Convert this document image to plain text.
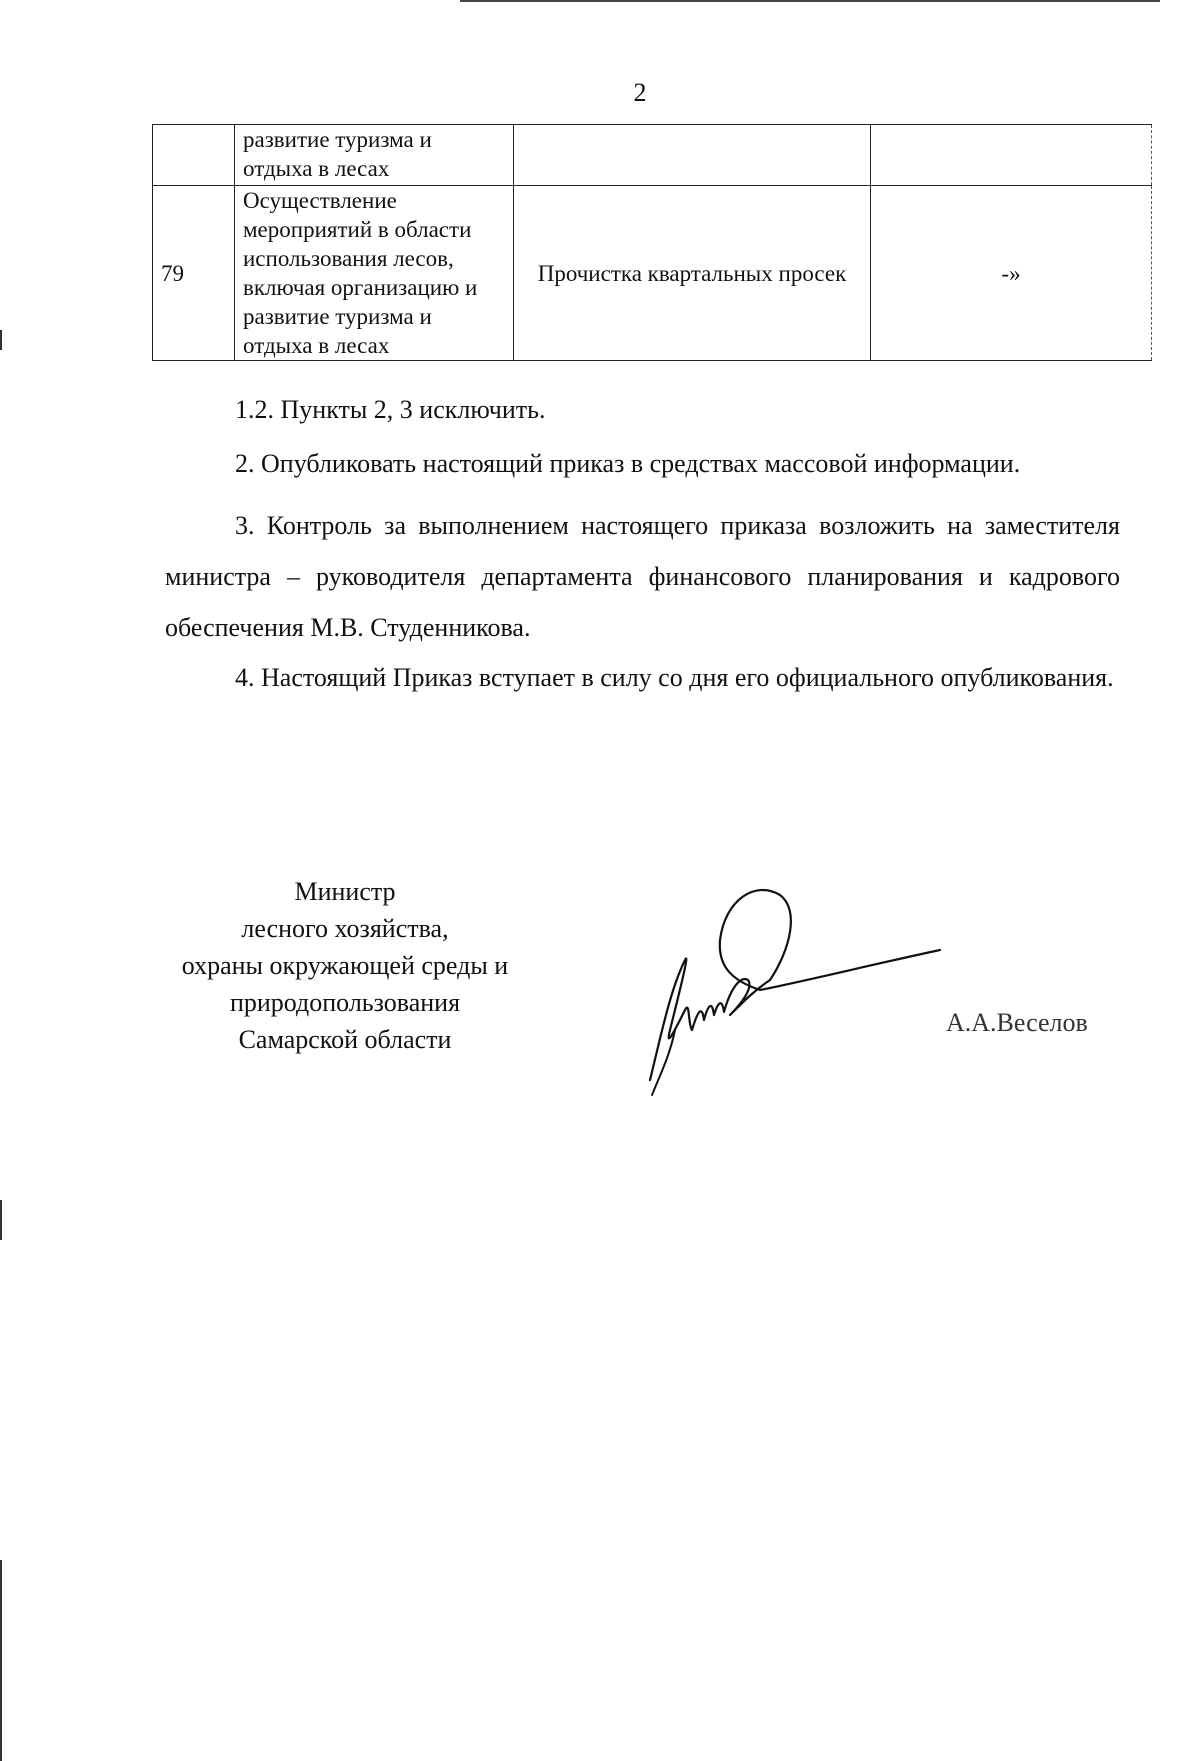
2
	развитие туризма и отдыха в лесах		
79	Осуществление мероприятий в области использования лесов, включая организацию и развитие туризма и отдыха в лесах	Прочистка квартальных просек	-»
1.2. Пункты 2, 3 исключить.
2. Опубликовать настоящий приказ в средствах массовой информации.
3. Контроль за выполнением настоящего приказа возложить на заместителя министра – руководителя департамента финансового планирования и кадрового обеспечения М.В. Студенникова.
4. Настоящий Приказ вступает в силу со дня его официального опубликования.
Министр
лесного хозяйства,
охраны окружающей среды и
природопользования
Самарской области
А.А.Веселов
